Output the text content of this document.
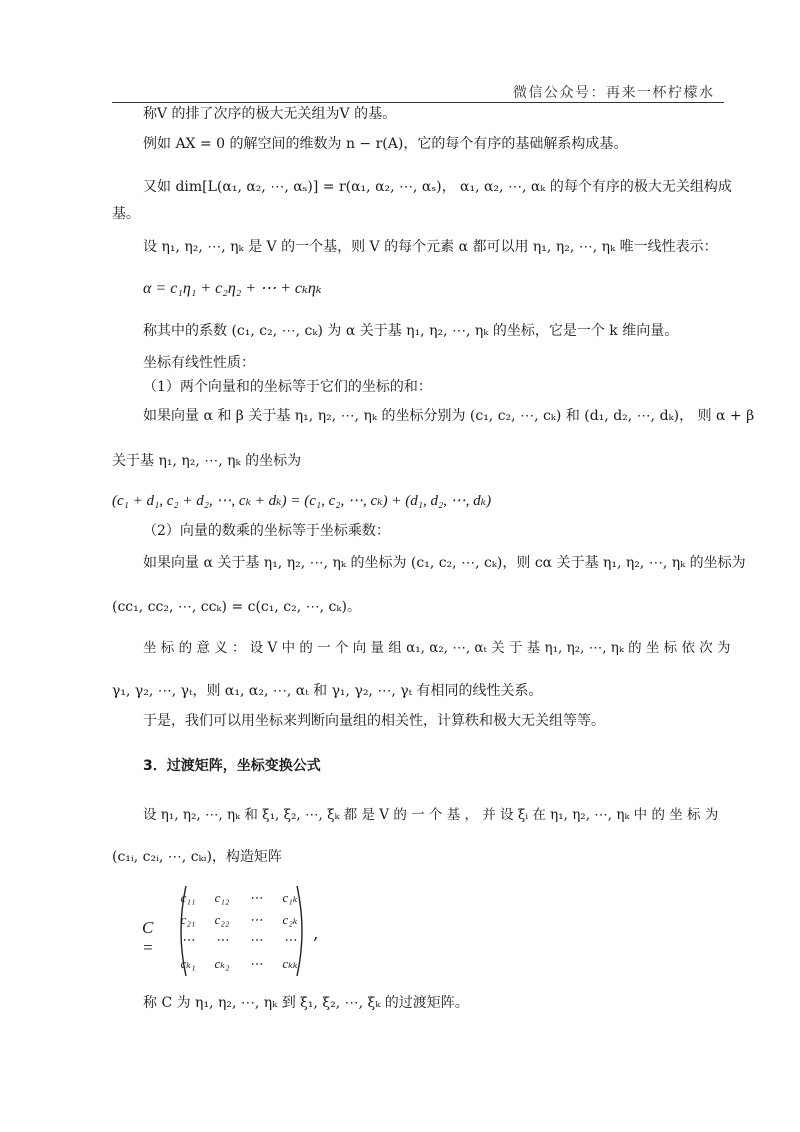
微信公众号：再来一杯柠檬水
称V 的排了次序的极大无关组为V 的基。
例如 AX = 0 的解空间的维数为 n − r(A)，它的每个有序的基础解系构成基。
又如 dim[L(α₁, α₂, ⋯, αₛ)] = r(α₁, α₂, ⋯, αₛ)， α₁, α₂, ⋯, αₖ 的每个有序的极大无关组构成
基。
设 η₁, η₂, ⋯, ηₖ 是 V 的一个基，则 V 的每个元素 α 都可以用 η₁, η₂, ⋯, ηₖ 唯一线性表示：
α = c₁η₁ + c₂η₂ + ⋯ + cₖηₖ
称其中的系数 (c₁, c₂, ⋯, cₖ) 为 α 关于基 η₁, η₂, ⋯, ηₖ 的坐标，它是一个 k 维向量。
坐标有线性性质：
（1）两个向量和的坐标等于它们的坐标的和：
如果向量 α 和 β 关于基 η₁, η₂, ⋯, ηₖ 的坐标分别为 (c₁, c₂, ⋯, cₖ) 和 (d₁, d₂, ⋯, dₖ)， 则 α + β
关于基 η₁, η₂, ⋯, ηₖ 的坐标为
(c₁ + d₁, c₂ + d₂, ⋯, cₖ + dₖ) = (c₁, c₂, ⋯, cₖ) + (d₁, d₂, ⋯, dₖ)
（2）向量的数乘的坐标等于坐标乘数：
如果向量 α 关于基 η₁, η₂, ⋯, ηₖ 的坐标为 (c₁, c₂, ⋯, cₖ)，则 cα 关于基 η₁, η₂, ⋯, ηₖ 的坐标为
(cc₁, cc₂, ⋯, ccₖ) = c(c₁, c₂, ⋯, cₖ)。
坐 标 的 意 义 ： 设 V 中 的 一 个 向 量 组 α₁, α₂, ⋯, αₜ 关 于 基 η₁, η₂, ⋯, ηₖ 的 坐 标 依 次 为
γ₁, γ₂, ⋯, γₜ，则 α₁, α₂, ⋯, αₜ 和 γ₁, γ₂, ⋯, γₜ 有相同的线性关系。
于是，我们可以用坐标来判断向量组的相关性，计算秩和极大无关组等等。
3．过渡矩阵，坐标变换公式
设 η₁, η₂, ⋯, ηₖ 和 ξ₁, ξ₂, ⋯, ξₖ 都 是 V 的 一 个 基 ， 并 设 ξᵢ 在 η₁, η₂, ⋯, ηₖ 中 的 坐 标 为
(c₁ᵢ, c₂ᵢ, ⋯, cₖᵢ)，构造矩阵
C =
,
c₁₁	c₁₂	⋯	c₁ₖ
c₂₁	c₂₂	⋯	c₂ₖ
⋯	⋯	⋯	⋯
cₖ₁	cₖ₂	⋯	cₖₖ
称 C 为 η₁, η₂, ⋯, ηₖ 到 ξ₁, ξ₂, ⋯, ξₖ 的过渡矩阵。
